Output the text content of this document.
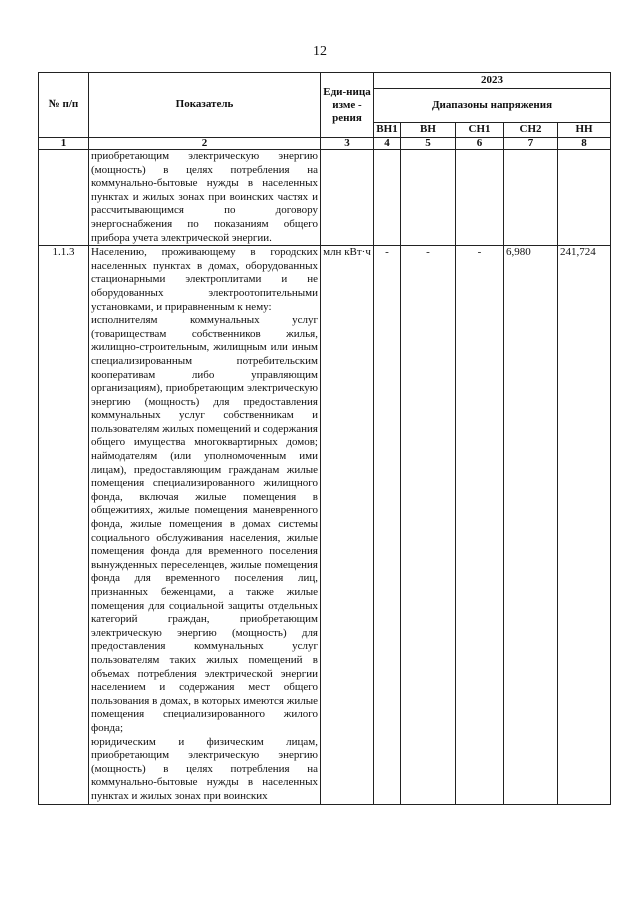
12
№ п/п	Показатель	Еди-ница изме - рения	2023				
			Диапазоны напряжения				
			ВН1	ВН	СН1	СН2	НН
1	2	3	4	5	6	7	8
	приобретающим электрическую энергию (мощность) в целях потребления на коммунально-бытовые нужды в населенных пунктах и жилых зонах при воинских частях и рассчитывающимся по договору энергоснабжения по показаниям общего прибора учета электрической энергии.						
1.1.3	Населению, проживающему в городских населенных пунктах в домах, оборудованных стационарными электроплитами и не оборудованных электроотопительными установками, и приравненным к нему:

исполнителям коммунальных услуг (товариществам собственников жилья, жилищно-строительным, жилищным или иным специализированным потребительским кооперативам либо управляющим организациям), приобретающим электрическую энергию (мощность) для предоставления коммунальных услуг собственникам и пользователям жилых помещений и содержания общего имущества многоквартирных домов; наймодателям (или уполномоченным ими лицам), предоставляющим гражданам жилые помещения специализированного жилищного фонда, включая жилые помещения в общежитиях, жилые помещения маневренного фонда, жилые помещения в домах системы социального обслуживания населения, жилые помещения фонда для временного поселения вынужденных переселенцев, жилые помещения фонда для временного поселения лиц, признанных беженцами, а также жилые помещения для социальной защиты отдельных категорий граждан, приобретающим электрическую энергию (мощность) для предоставления коммунальных услуг пользователям таких жилых помещений в объемах потребления электрической энергии населением и содержания мест общего пользования в домах, в которых имеются жилые помещения специализированного жилого фонда;

юридическим и физическим лицам, приобретающим электрическую энергию (мощность) в целях потребления на коммунально-бытовые нужды в населенных пунктах и жилых зонах при воинских	млн кВт·ч	-	-	-	6,980	241,724
